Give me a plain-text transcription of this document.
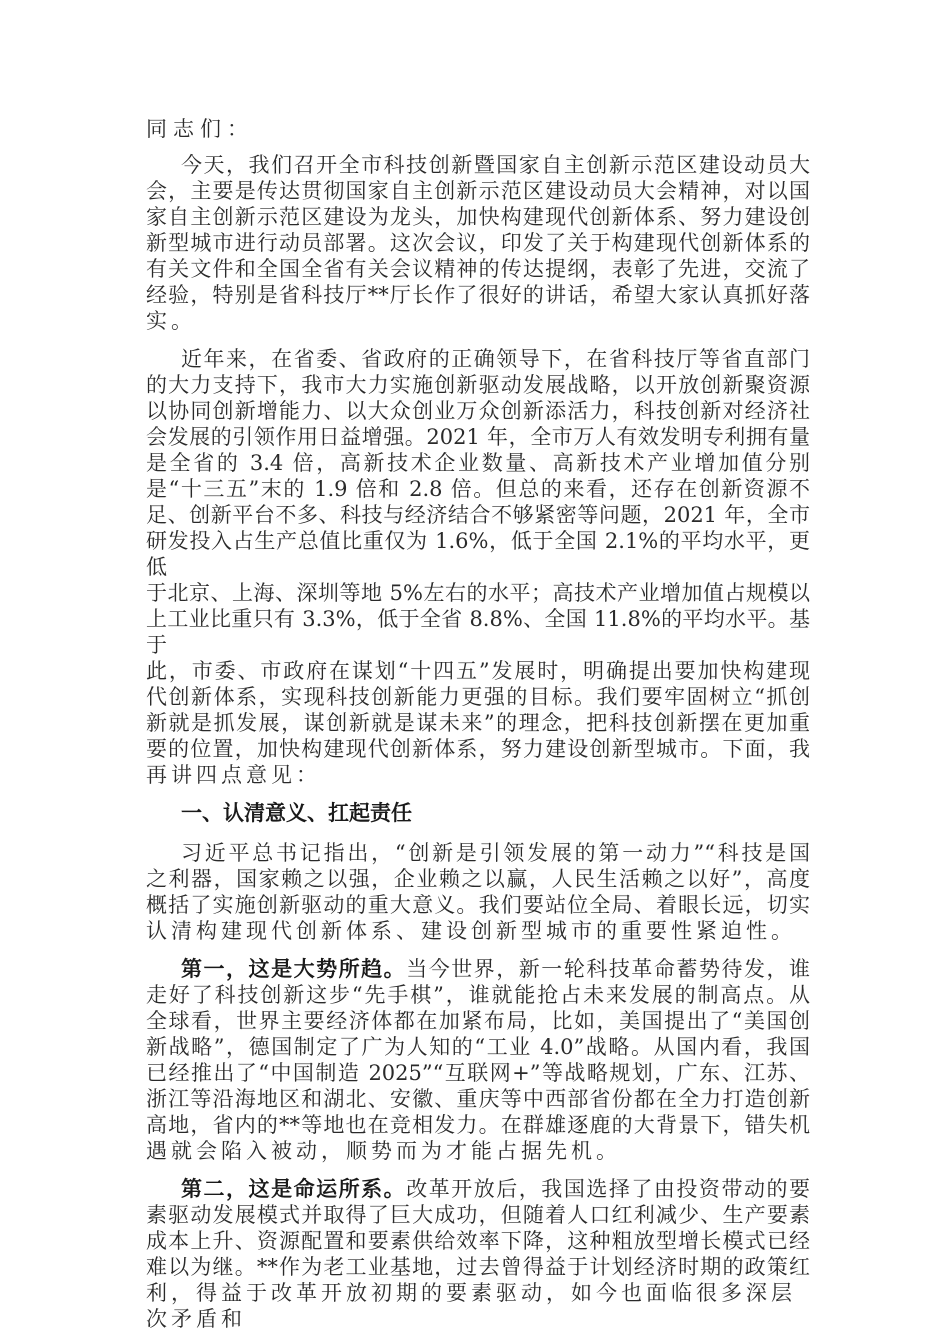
同志们：
今天，我们召开全市科技创新暨国家自主创新示范区建设动员大
会，主要是传达贯彻国家自主创新示范区建设动员大会精神，对以国
家自主创新示范区建设为龙头，加快构建现代创新体系、努力建设创
新型城市进行动员部署。这次会议，印发了关于构建现代创新体系的
有关文件和全国全省有关会议精神的传达提纲，表彰了先进，交流了
经验，特别是省科技厅**厅长作了很好的讲话，希望大家认真抓好落
实。
近年来，在省委、省政府的正确领导下，在省科技厅等省直部门
的大力支持下，我市大力实施创新驱动发展战略，以开放创新聚资源
以协同创新增能力、以大众创业万众创新添活力，科技创新对经济社
会发展的引领作用日益增强。2021 年，全市万人有效发明专利拥有量
是全省的 3.4 倍，高新技术企业数量、高新技术产业增加值分别
是“十三五”末的 1.9 倍和 2.8 倍。但总的来看，还存在创新资源不
足、创新平台不多、科技与经济结合不够紧密等问题，2021 年，全市
研发投入占生产总值比重仅为 1.6%，低于全国 2.1%的平均水平，更低
于北京、上海、深圳等地 5%左右的水平；高技术产业增加值占规模以
上工业比重只有 3.3%，低于全省 8.8%、全国 11.8%的平均水平。基于
此，市委、市政府在谋划“十四五”发展时，明确提出要加快构建现
代创新体系，实现科技创新能力更强的目标。我们要牢固树立“抓创
新就是抓发展，谋创新就是谋未来”的理念，把科技创新摆在更加重
要的位置，加快构建现代创新体系，努力建设创新型城市。下面，我
再讲四点意见：
一、认清意义、扛起责任
习近平总书记指出，“创新是引领发展的第一动力”“科技是国
之利器，国家赖之以强，企业赖之以赢，人民生活赖之以好”，高度
概括了实施创新驱动的重大意义。我们要站位全局、着眼长远，切实
认清构建现代创新体系、建设创新型城市的重要性紧迫性。
第一，这是大势所趋。当今世界，新一轮科技革命蓄势待发，谁
走好了科技创新这步“先手棋”，谁就能抢占未来发展的制高点。从
全球看，世界主要经济体都在加紧布局，比如，美国提出了“美国创
新战略”，德国制定了广为人知的“工业 4.0”战略。从国内看，我国
已经推出了“中国制造 2025”“互联网+”等战略规划，广东、江苏、
浙江等沿海地区和湖北、安徽、重庆等中西部省份都在全力打造创新
高地，省内的**等地也在竞相发力。在群雄逐鹿的大背景下，错失机
遇就会陷入被动，顺势而为才能占据先机。
第二，这是命运所系。改革开放后，我国选择了由投资带动的要
素驱动发展模式并取得了巨大成功，但随着人口红利减少、生产要素
成本上升、资源配置和要素供给效率下降，这种粗放型增长模式已经
难以为继。**作为老工业基地，过去曾得益于计划经济时期的政策红
利，得益于改革开放初期的要素驱动，如今也面临很多深层次矛盾和
